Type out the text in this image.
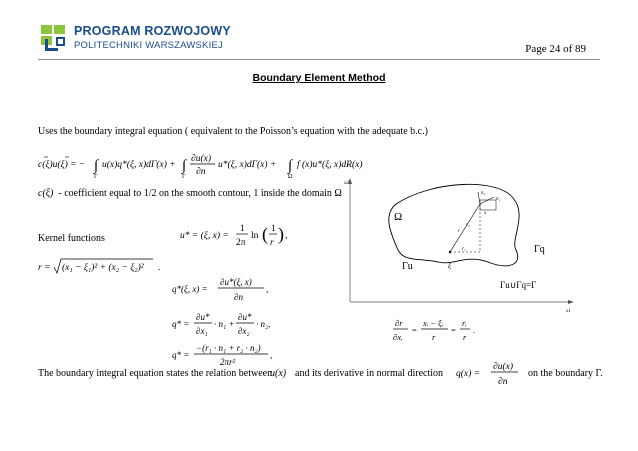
PROGRAM ROZWOJOWY
POLITECHNIKI WARSZAWSKIEJ	Page 24 of 89
Boundary Element Method
Uses the boundary integral equation ( equivalent to the Poisson’s equation with the adequate b.c.)
c(ξ)u(ξ) = − ∫
Γ
u(x)q*(ξ, x)dΓ(x) + ∫
Γ
∂u(x)
∂n
u*(ξ, x)dΓ(x) + ∫
Ω
f (x)u*(ξ, x)dR(x)
c(ξ) - coefficient equal to 1/2 on the smooth contour, 1 inside the domain Ω
Kernel functions	u* = (ξ, x) =
1
2π
ln ( 1
r ) ,
r = (x₁ − ξ₁)² + (x₂ − ξ₂)² .
q*(ξ, x) =
∂u*(ξ, x)
∂n
,
q* =
∂u*
∂x₁
· n₁ +
∂u*
∂x₂
· n₂,
q* =
−(r₁ · n₁ + r₂ · n₂)
2πr²
,
r
r₂
r₁
x
n₂
n₁
Ω
Γq
Γu	ξ
Γu∪Γq=Γ
x2
x1
∂r
∂xᵢ
=
xᵢ − ξᵢ
r
=
rᵢ
r
.
The boundary integral equation states the relation between
u(x) and its derivative in normal direction q(x) =
∂u(x)
∂n
on the boundary Γ.
